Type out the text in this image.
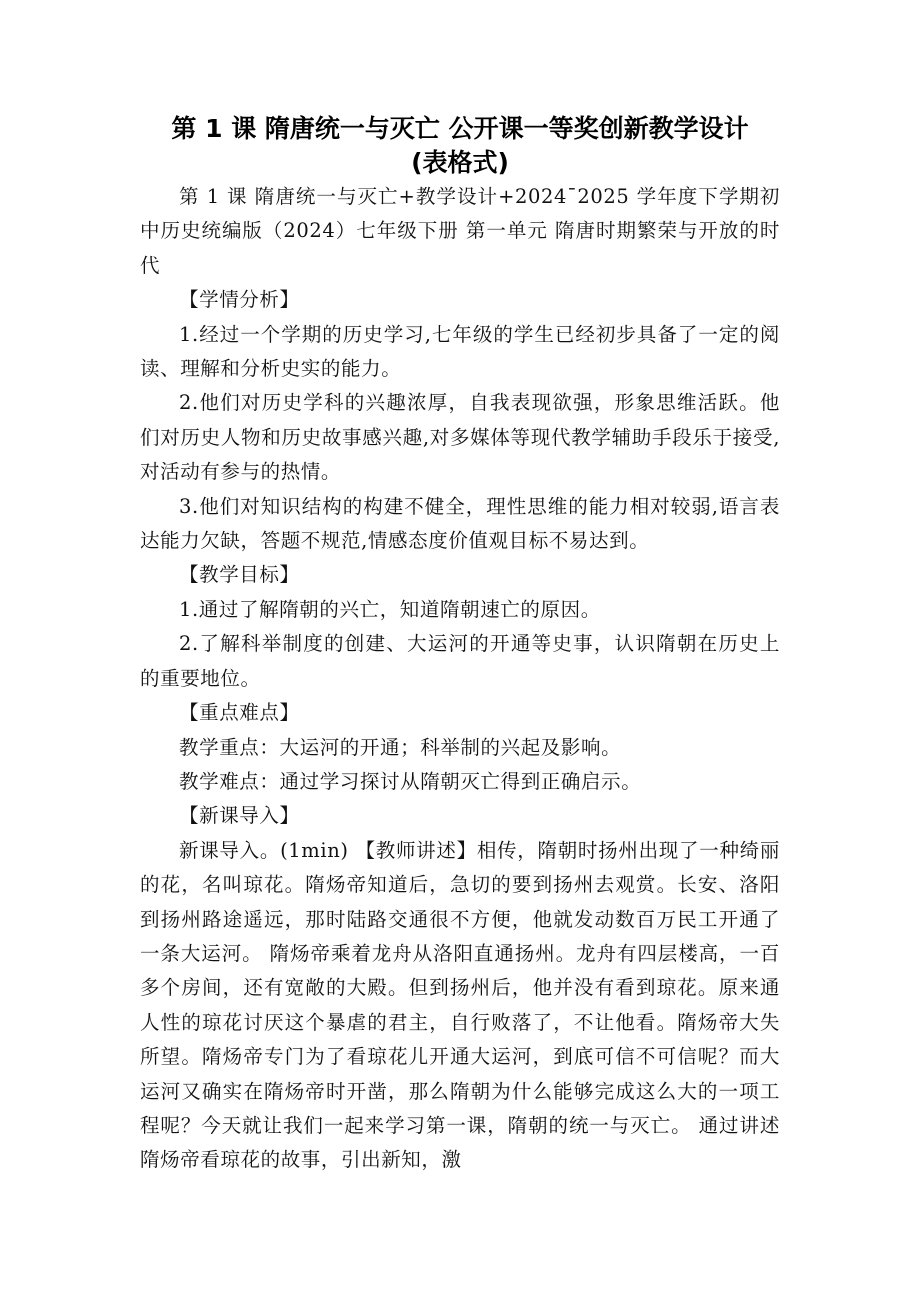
第 1 课 隋唐统一与灭亡 公开课一等奖创新教学设计
(表格式)

第 1 课 隋唐统一与灭亡+教学设计+2024¯2025 学年度下学期初中历史统编版（2024）七年级下册 第一单元 隋唐时期繁荣与开放的时代

【学情分析】

1.经过一个学期的历史学习,七年级的学生已经初步具备了一定的阅读、理解和分析史实的能力。

2.他们对历史学科的兴趣浓厚，自我表现欲强，形象思维活跃。他们对历史人物和历史故事感兴趣,对多媒体等现代教学辅助手段乐于接受,对活动有参与的热情。

3.他们对知识结构的构建不健全，理性思维的能力相对较弱,语言表达能力欠缺，答题不规范,情感态度价值观目标不易达到。

【教学目标】

1.通过了解隋朝的兴亡，知道隋朝速亡的原因。

2.了解科举制度的创建、大运河的开通等史事，认识隋朝在历史上的重要地位。

【重点难点】

教学重点：大运河的开通；科举制的兴起及影响。

教学难点：通过学习探讨从隋朝灭亡得到正确启示。

【新课导入】

新课导入。(1min) 【教师讲述】相传，隋朝时扬州出现了一种绮丽的花，名叫琼花。隋炀帝知道后，急切的要到扬州去观赏。长安、洛阳到扬州路途遥远，那时陆路交通很不方便，他就发动数百万民工开通了一条大运河。 隋炀帝乘着龙舟从洛阳直通扬州。龙舟有四层楼高，一百多个房间，还有宽敞的大殿。但到扬州后，他并没有看到琼花。原来通人性的琼花讨厌这个暴虐的君主，自行败落了，不让他看。隋炀帝大失所望。隋炀帝专门为了看琼花儿开通大运河，到底可信不可信呢？而大运河又确实在隋炀帝时开凿，那么隋朝为什么能够完成这么大的一项工程呢？今天就让我们一起来学习第一课，隋朝的统一与灭亡。 通过讲述隋炀帝看琼花的故事，引出新知，激
